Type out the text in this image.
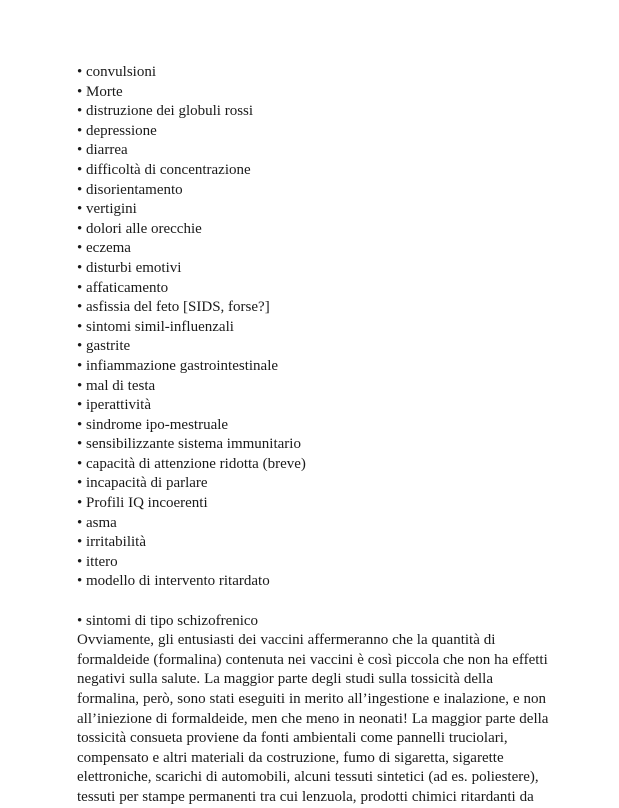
• convulsioni
• Morte
• distruzione dei globuli rossi
• depressione
• diarrea
• difficoltà di concentrazione
• disorientamento
• vertigini
• dolori alle orecchie
• eczema
• disturbi emotivi
• affaticamento
• asfissia del feto [SIDS, forse?]
• sintomi simil-influenzali
• gastrite
• infiammazione gastrointestinale
• mal di testa
• iperattività
• sindrome ipo-mestruale
• sensibilizzante sistema immunitario
• capacità di attenzione ridotta (breve)
• incapacità di parlare
• Profili IQ incoerenti
• asma
• irritabilità
• ittero
• modello di intervento ritardato

• sintomi di tipo schizofrenico

Ovviamente, gli entusiasti dei vaccini affermeranno che la quantità di formaldeide (formalina) contenuta nei vaccini è così piccola che non ha effetti negativi sulla salute. La maggior parte degli studi sulla tossicità della formalina, però, sono stati eseguiti in merito all’ingestione e inalazione, e non all’iniezione di formaldeide, men che meno in neonati! La maggior parte della tossicità consueta proviene da fonti ambientali come pannelli truciolari, compensato e altri materiali da costruzione, fumo di sigaretta, sigarette elettroniche, scarichi di automobili, alcuni tessuti sintetici (ad es. poliestere), tessuti per stampe permanenti tra cui lenzuola, prodotti chimici ritardanti da
